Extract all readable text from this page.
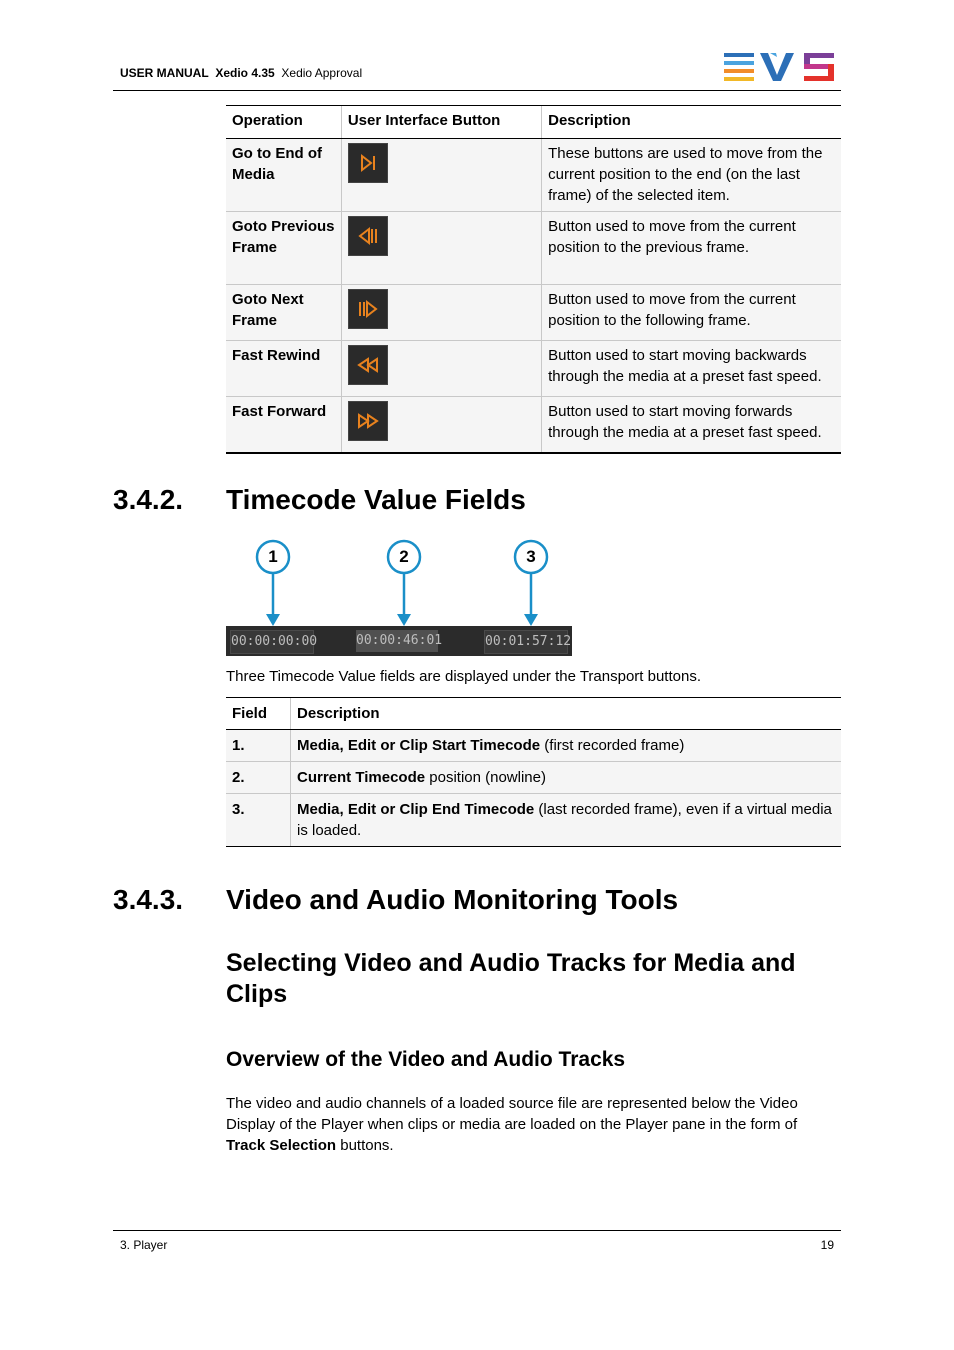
USER MANUAL Xedio 4.35 Xedio Approval
Operation	User Interface Button	Description
Go to End of Media		These buttons are used to move from the current position to the end (on the last frame) of the selected item.
Goto Previous Frame		Button used to move from the current position to the previous frame.
Goto Next Frame		Button used to move from the current position to the following frame.
Fast Rewind		Button used to start moving backwards through the media at a preset fast speed.
Fast Forward		Button used to start moving forwards through the media at a preset fast speed.
3.4.2. Timecode Value Fields
1	2	3
00:00:00:00	00:00:46:01	00:01:57:12
Three Timecode Value fields are displayed under the Transport buttons.
Field	Description
1.	Media, Edit or Clip Start Timecode (first recorded frame)
2.	Current Timecode position (nowline)
3.	Media, Edit or Clip End Timecode (last recorded frame), even if a virtual media is loaded.
3.4.3. Video and Audio Monitoring Tools
Selecting Video and Audio Tracks for Media and Clips
Overview of the Video and Audio Tracks
The video and audio channels of a loaded source file are represented below the Video Display of the Player when clips or media are loaded on the Player pane in the form of Track Selection buttons.
3. Player	19
